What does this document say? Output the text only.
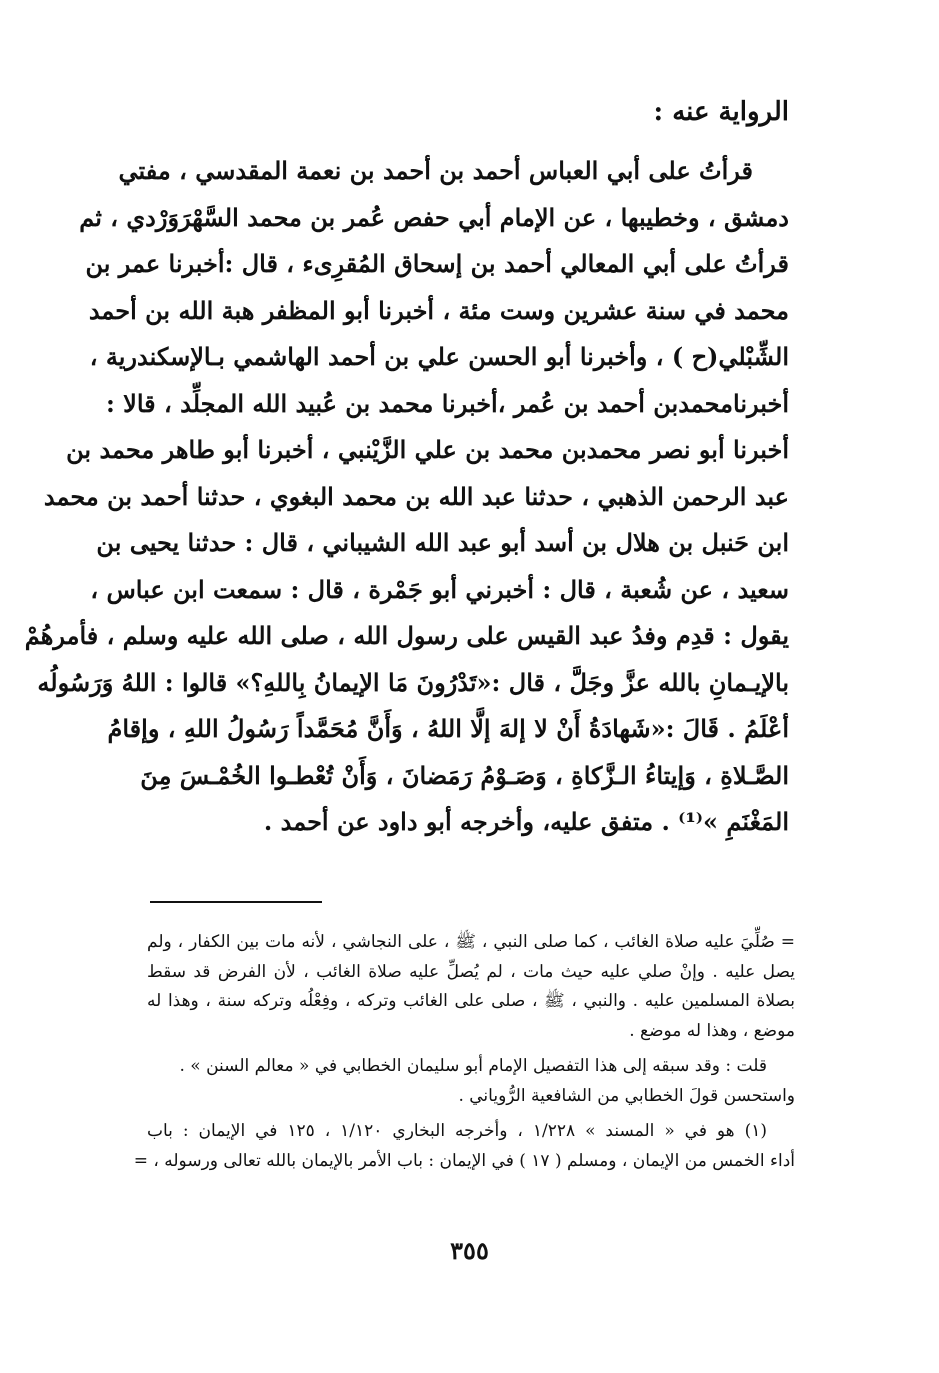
الرواية عنه :
قرأتُ على أبي العباس أحمد بن أحمد بن نعمة المقدسي ، مفتي
دمشق ، وخطيبها ، عن الإمام أبي حفص عُمر بن محمد السَّهْرَوَرْدي ، ثم
قرأتُ على أبي المعالي أحمد بن إسحاق المُقرِىء ، قال :أخبرنا عمر بن
محمد في سنة عشرين وست مئة ، أخبرنا أبو المظفر هبة الله بن أحمد
الشِّبْلي(ح ) ، وأخبرنا أبو الحسن علي بن أحمد الهاشمي بـالإسكندرية ،
أخبرنامحمدبن أحمد بن عُمر ،أخبرنا محمد بن عُبيد الله المجلِّد ، قالا :
أخبرنا أبو نصر محمدبن محمد بن علي الزَّيْنبي ، أخبرنا أبو طاهر محمد بن
عبد الرحمن الذهبي ، حدثنا عبد الله بن محمد البغوي ، حدثنا أحمد بن محمد
ابن حَنبل بن هلال بن أسد أبو عبد الله الشيباني ، قال : حدثنا يحيى بن
سعيد ، عن شُعبة ، قال : أخبرني أبو جَمْرة ، قال : سمعت ابن عباس ،
يقول : قدِم وفدُ عبد القيس على رسول الله ، صلى الله عليه وسلم ، فأمرهُمْ
بالإيـمانِ بالله عزَّ وجَلَّ ، قال :«تَدْرُونَ مَا الإيمانُ بِاللهِ؟» قالوا : اللهُ وَرَسُولُه
أعْلَمُ . قَالَ :«شَهادَةُ أَنْ لا إلهَ إلَّا اللهُ ، وَأَنَّ مُحَمَّداً رَسُولُ اللهِ ، وإقامُ
الصَّـلاةِ ، وَإيتاءُ الـزَّكاةِ ، وَصَـوْمُ رَمَضانَ ، وَأَنْ تُعْطـوا الخُمْـسَ مِنَ
المَغْنَمِ »⁽¹⁾ . متفق عليه، وأخرجه أبو داود عن أحمد .
= صُلِّيَ عليه صلاة الغائب ، كما صلى النبي ، ﷺ ، على النجاشي ، لأنه مات بين الكفار ، ولم
يصل عليه . وإنْ صلي عليه حيث مات ، لم يُصلِّ عليه صلاة الغائب ، لأن الفرض قد سقط
بصلاة المسلمين عليه . والنبي ، ﷺ ، صلى على الغائب وتركه ، وفِعْلُه وتركه سنة ، وهذا له
موضع ، وهذا له موضع .
قلت : وقد سبقه إلى هذا التفصيل الإمام أبو سليمان الخطابي في « معالم السنن » .
واستحسن قولَ الخطابي من الشافعية الرُّوياني .
(١) هو في « المسند » ١/٢٢٨ ، وأخرجه البخاري ١/١٢٠ ، ١٢٥ في الإيمان : باب
أداء الخمس من الإيمان ، ومسلم ( ١٧ ) في الإيمان : باب الأمر بالإيمان بالله تعالى ورسوله ، =
٣٥٥
